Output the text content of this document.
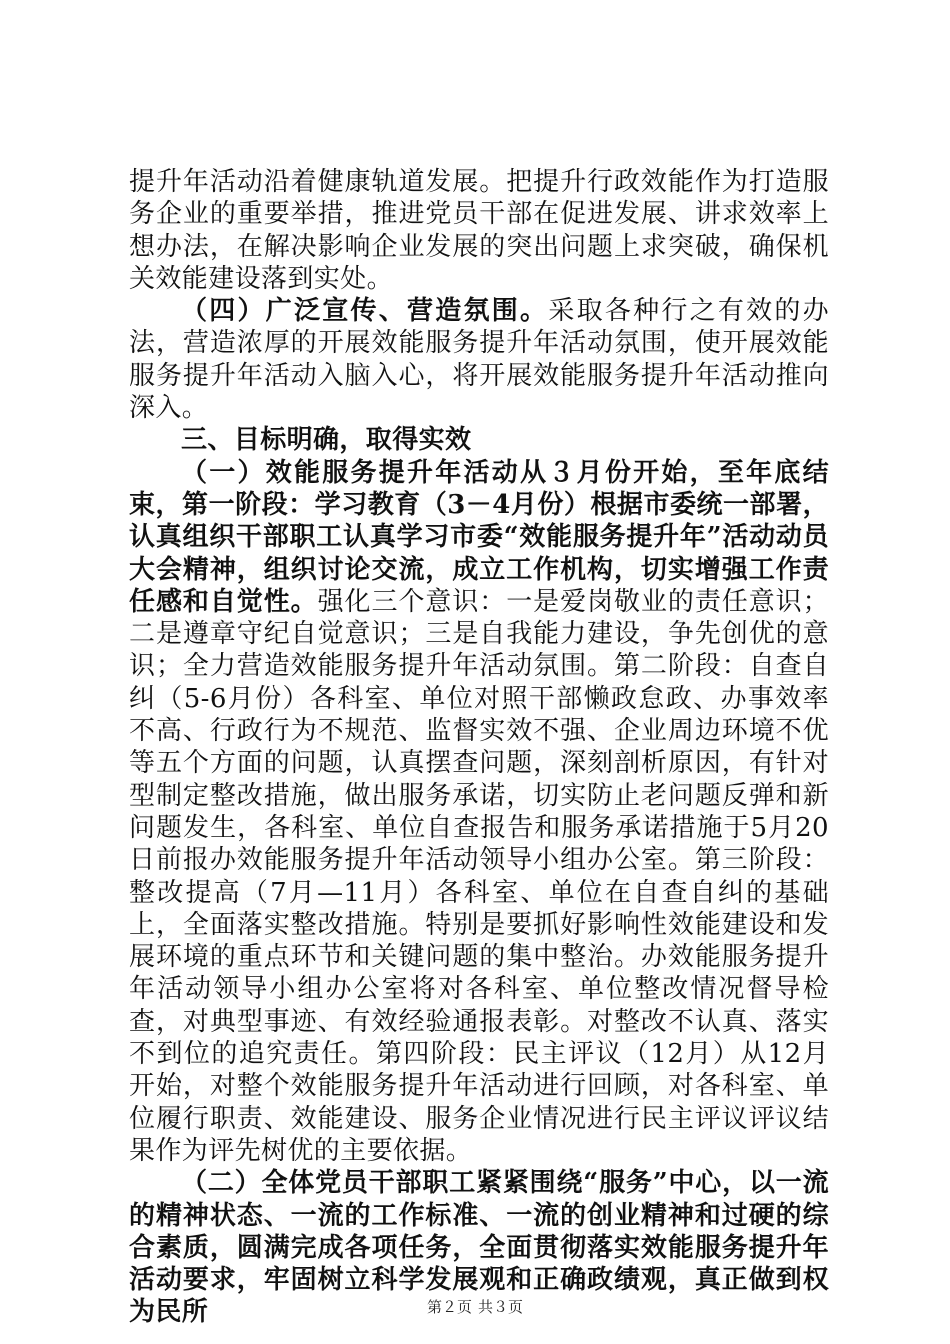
提升年活动沿着健康轨道发展。把提升行政效能作为打造服务企业的重要举措，推进党员干部在促进发展、讲求效率上想办法，在解决影响企业发展的突出问题上求突破，确保机关效能建设落到实处。

（四）广泛宣传、营造氛围。采取各种行之有效的办法，营造浓厚的开展效能服务提升年活动氛围，使开展效能服务提升年活动入脑入心，将开展效能服务提升年活动推向深入。

三、目标明确，取得实效

（一）效能服务提升年活动从３月份开始，至年底结束，第一阶段：学习教育（3－4月份）根据市委统一部署，认真组织干部职工认真学习市委“效能服务提升年”活动动员大会精神，组织讨论交流，成立工作机构，切实增强工作责任感和自觉性。强化三个意识：一是爱岗敬业的责任意识；二是遵章守纪自觉意识；三是自我能力建设，争先创优的意识；全力营造效能服务提升年活动氛围。第二阶段：自查自纠（5-6月份）各科室、单位对照干部懒政怠政、办事效率不高、行政行为不规范、监督实效不强、企业周边环境不优等五个方面的问题，认真摆查问题，深刻剖析原因，有针对型制定整改措施，做出服务承诺，切实防止老问题反弹和新问题发生，各科室、单位自查报告和服务承诺措施于5月20日前报办效能服务提升年活动领导小组办公室。第三阶段：整改提高（7月—11月）各科室、单位在自查自纠的基础上，全面落实整改措施。特别是要抓好影响性效能建设和发展环境的重点环节和关键问题的集中整治。办效能服务提升年活动领导小组办公室将对各科室、单位整改情况督导检查，对典型事迹、有效经验通报表彰。对整改不认真、落实不到位的追究责任。第四阶段：民主评议（12月）从12月开始，对整个效能服务提升年活动进行回顾，对各科室、单位履行职责、效能建设、服务企业情况进行民主评议评议结果作为评先树优的主要依据。

（二）全体党员干部职工紧紧围绕“服务”中心，以一流的精神状态、一流的工作标准、一流的创业精神和过硬的综合素质，圆满完成各项任务，全面贯彻落实效能服务提升年活动要求，牢固树立科学发展观和正确政绩观，真正做到权为民所	第２页 共３页
